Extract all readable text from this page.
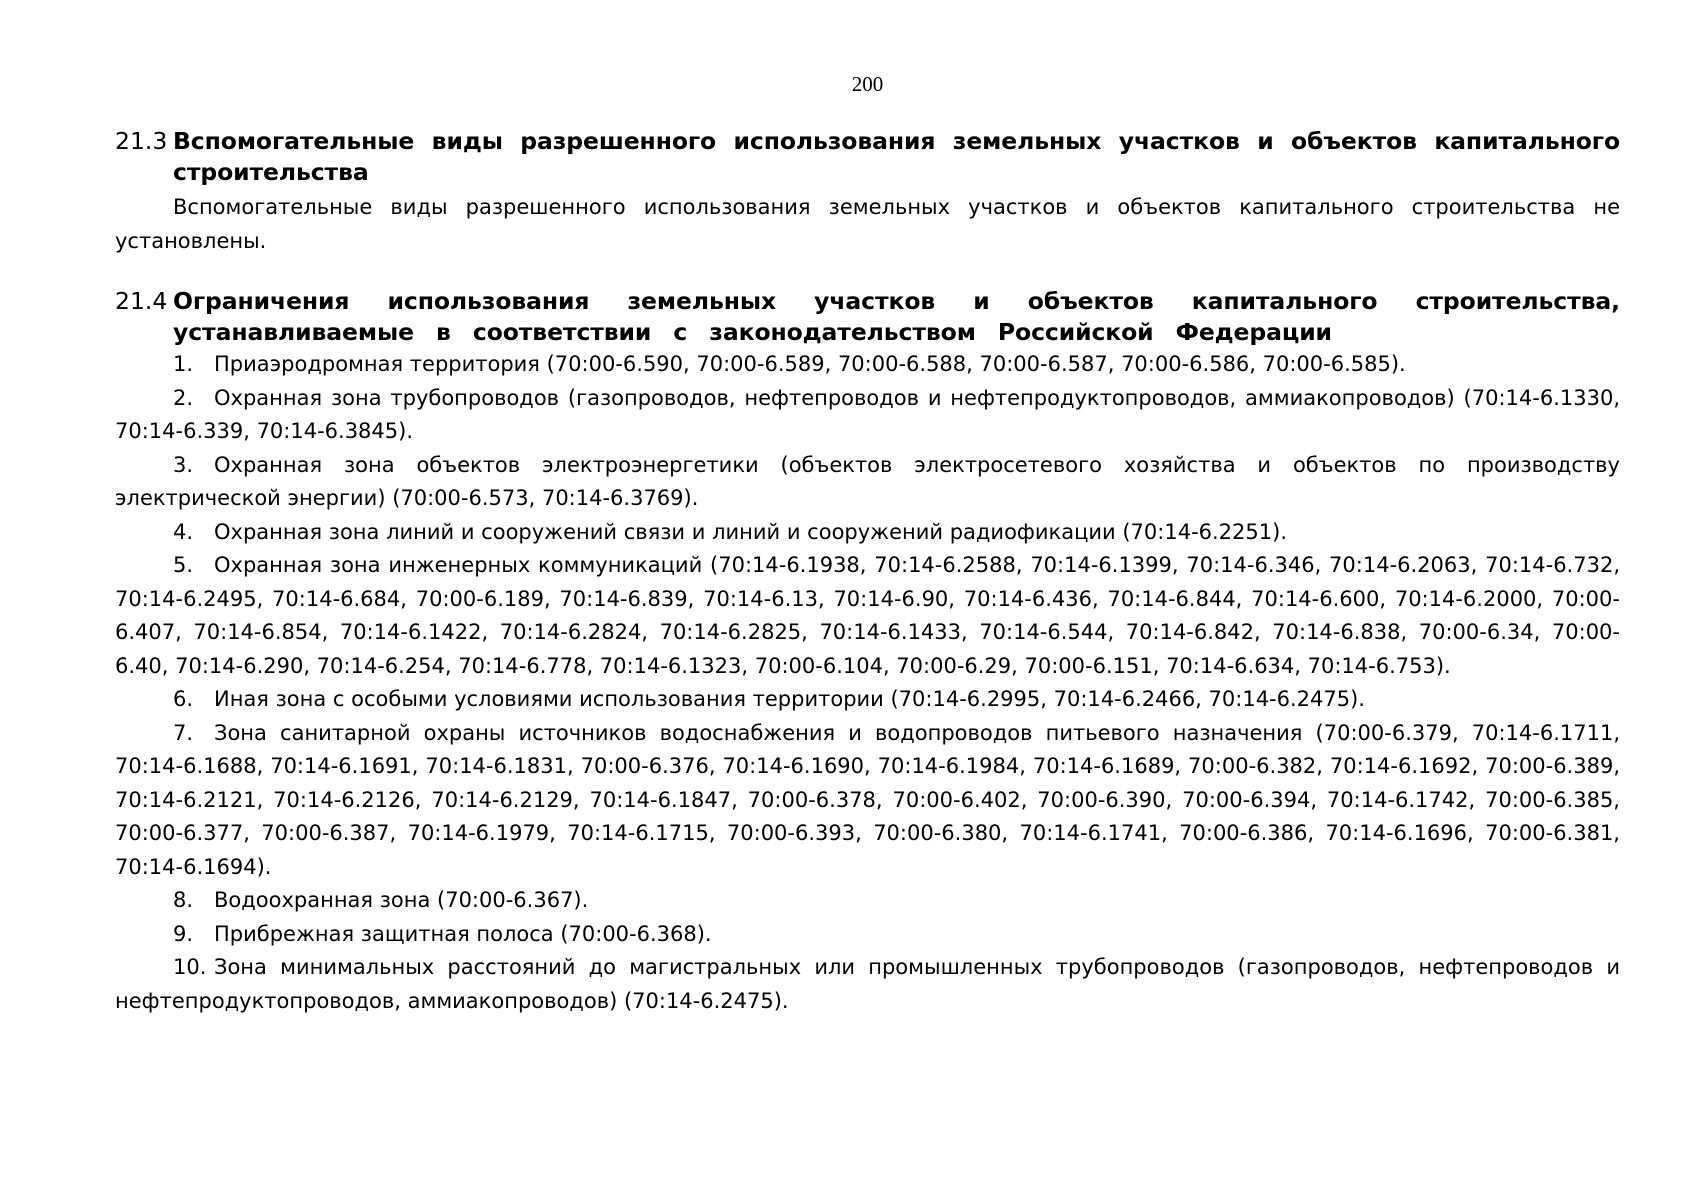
200
21.3 Вспомогательные виды разрешенного использования земельных участков и объектов капитального строительства

Вспомогательные виды разрешенного использования земельных участков и объектов капитального строительства не установлены.

21.4 Ограничения использования земельных участков и объектов капитального строительства, устанавливаемые в соответствии с законодательством Российской Федерации
1. Приаэродромная территория (70:00-6.590, 70:00-6.589, 70:00-6.588, 70:00-6.587, 70:00-6.586, 70:00-6.585).
2. Охранная зона трубопроводов (газопроводов, нефтепроводов и нефтепродуктопроводов, аммиакопроводов) (70:14-6.1330, 70:14-6.339, 70:14-6.3845).
3. Охранная зона объектов электроэнергетики (объектов электросетевого хозяйства и объектов по производству электрической энергии) (70:00-6.573, 70:14-6.3769).
4. Охранная зона линий и сооружений связи и линий и сооружений радиофикации (70:14-6.2251).
5. Охранная зона инженерных коммуникаций (70:14-6.1938, 70:14-6.2588, 70:14-6.1399, 70:14-6.346, 70:14-6.2063, 70:14-6.732, 70:14-6.2495, 70:14-6.684, 70:00-6.189, 70:14-6.839, 70:14-6.13, 70:14-6.90, 70:14-6.436, 70:14-6.844, 70:14-6.600, 70:14-6.2000, 70:00-6.407, 70:14-6.854, 70:14-6.1422, 70:14-6.2824, 70:14-6.2825, 70:14-6.1433, 70:14-6.544, 70:14-6.842, 70:14-6.838, 70:00-6.34, 70:00-6.40, 70:14-6.290, 70:14-6.254, 70:14-6.778, 70:14-6.1323, 70:00-6.104, 70:00-6.29, 70:00-6.151, 70:14-6.634, 70:14-6.753).
6. Иная зона с особыми условиями использования территории (70:14-6.2995, 70:14-6.2466, 70:14-6.2475).
7. Зона санитарной охраны источников водоснабжения и водопроводов питьевого назначения (70:00-6.379, 70:14-6.1711, 70:14-6.1688, 70:14-6.1691, 70:14-6.1831, 70:00-6.376, 70:14-6.1690, 70:14-6.1984, 70:14-6.1689, 70:00-6.382, 70:14-6.1692, 70:00-6.389, 70:14-6.2121, 70:14-6.2126, 70:14-6.2129, 70:14-6.1847, 70:00-6.378, 70:00-6.402, 70:00-6.390, 70:00-6.394, 70:14-6.1742, 70:00-6.385, 70:00-6.377, 70:00-6.387, 70:14-6.1979, 70:14-6.1715, 70:00-6.393, 70:00-6.380, 70:14-6.1741, 70:00-6.386, 70:14-6.1696, 70:00-6.381, 70:14-6.1694).
8. Водоохранная зона (70:00-6.367).
9. Прибрежная защитная полоса (70:00-6.368).
10. Зона минимальных расстояний до магистральных или промышленных трубопроводов (газопроводов, нефтепроводов и нефтепродуктопроводов, аммиакопроводов) (70:14-6.2475).
